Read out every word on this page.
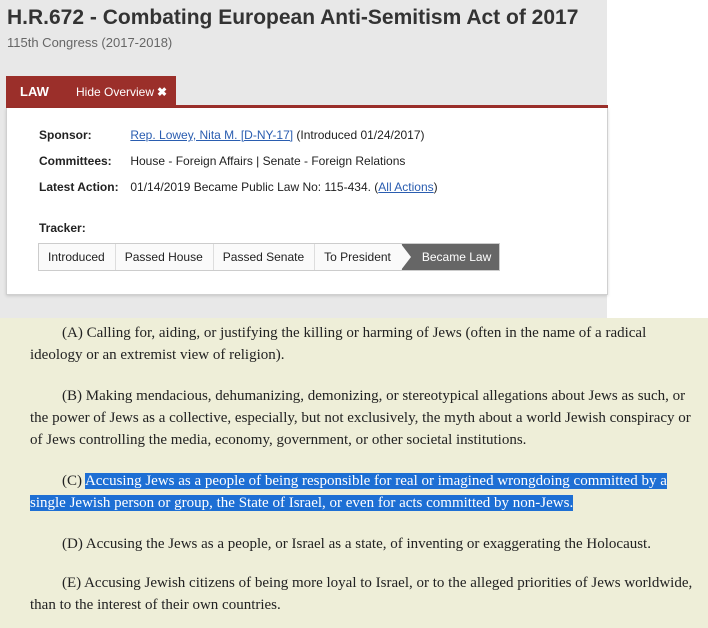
H.R.672 - Combating European Anti-Semitism Act of 2017
115th Congress (2017-2018)
LAW	Hide Overview ✖
Sponsor:	Rep. Lowey, Nita M. [D-NY-17] (Introduced 01/24/2017)
Committees: House - Foreign Affairs | Senate - Foreign Relations
Latest Action: 01/14/2019 Became Public Law No: 115-434. (All Actions)
Tracker:
Introduced	Passed House	Passed Senate	To President	Became Law
(A) Calling for, aiding, or justifying the killing or harming of Jews (often in the name of a radical ideology or an extremist view of religion).
(B) Making mendacious, dehumanizing, demonizing, or stereotypical allegations about Jews as such, or the power of Jews as a collective, especially, but not exclusively, the myth about a world Jewish conspiracy or of Jews controlling the media, economy, government, or other societal institutions.
(C) Accusing Jews as a people of being responsible for real or imagined wrongdoing committed by a single Jewish person or group, the State of Israel, or even for acts committed by non-Jews.
(D) Accusing the Jews as a people, or Israel as a state, of inventing or exaggerating the Holocaust.
(E) Accusing Jewish citizens of being more loyal to Israel, or to the alleged priorities of Jews worldwide, than to the interest of their own countries.
